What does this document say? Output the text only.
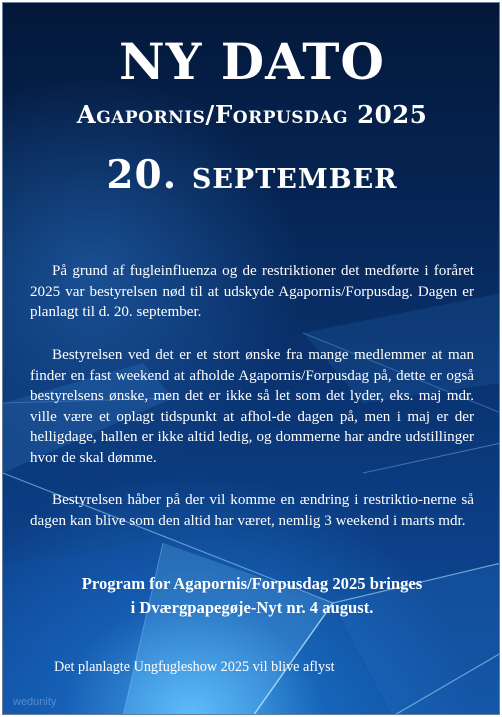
NY DATO
Agapornis/Forpusdag 2025
20. september
På grund af fugleinfluenza og de restriktioner det medførte i foråret 2025 var bestyrelsen nød til at udskyde Agapornis/Forpusdag. Dagen er planlagt til d. 20. september.
Bestyrelsen ved det er et stort ønske fra mange medlemmer at man finder en fast weekend at afholde Agapornis/Forpusdag på, dette er også bestyrelsens ønske, men det er ikke så let som det lyder, eks. maj mdr. ville være et oplagt tidspunkt at afhol-de dagen på, men i maj er der helligdage, hallen er ikke altid ledig, og dommerne har andre udstillinger hvor de skal dømme.
Bestyrelsen håber på der vil komme en ændring i restriktio-nerne så dagen kan blive som den altid har været, nemlig 3 weekend i marts mdr.
Program for Agapornis/Forpusdag 2025 bringes
i Dværgpapegøje-Nyt nr. 4 august.
Det planlagte Ungfugleshow 2025 vil blive aflyst
wedunity
